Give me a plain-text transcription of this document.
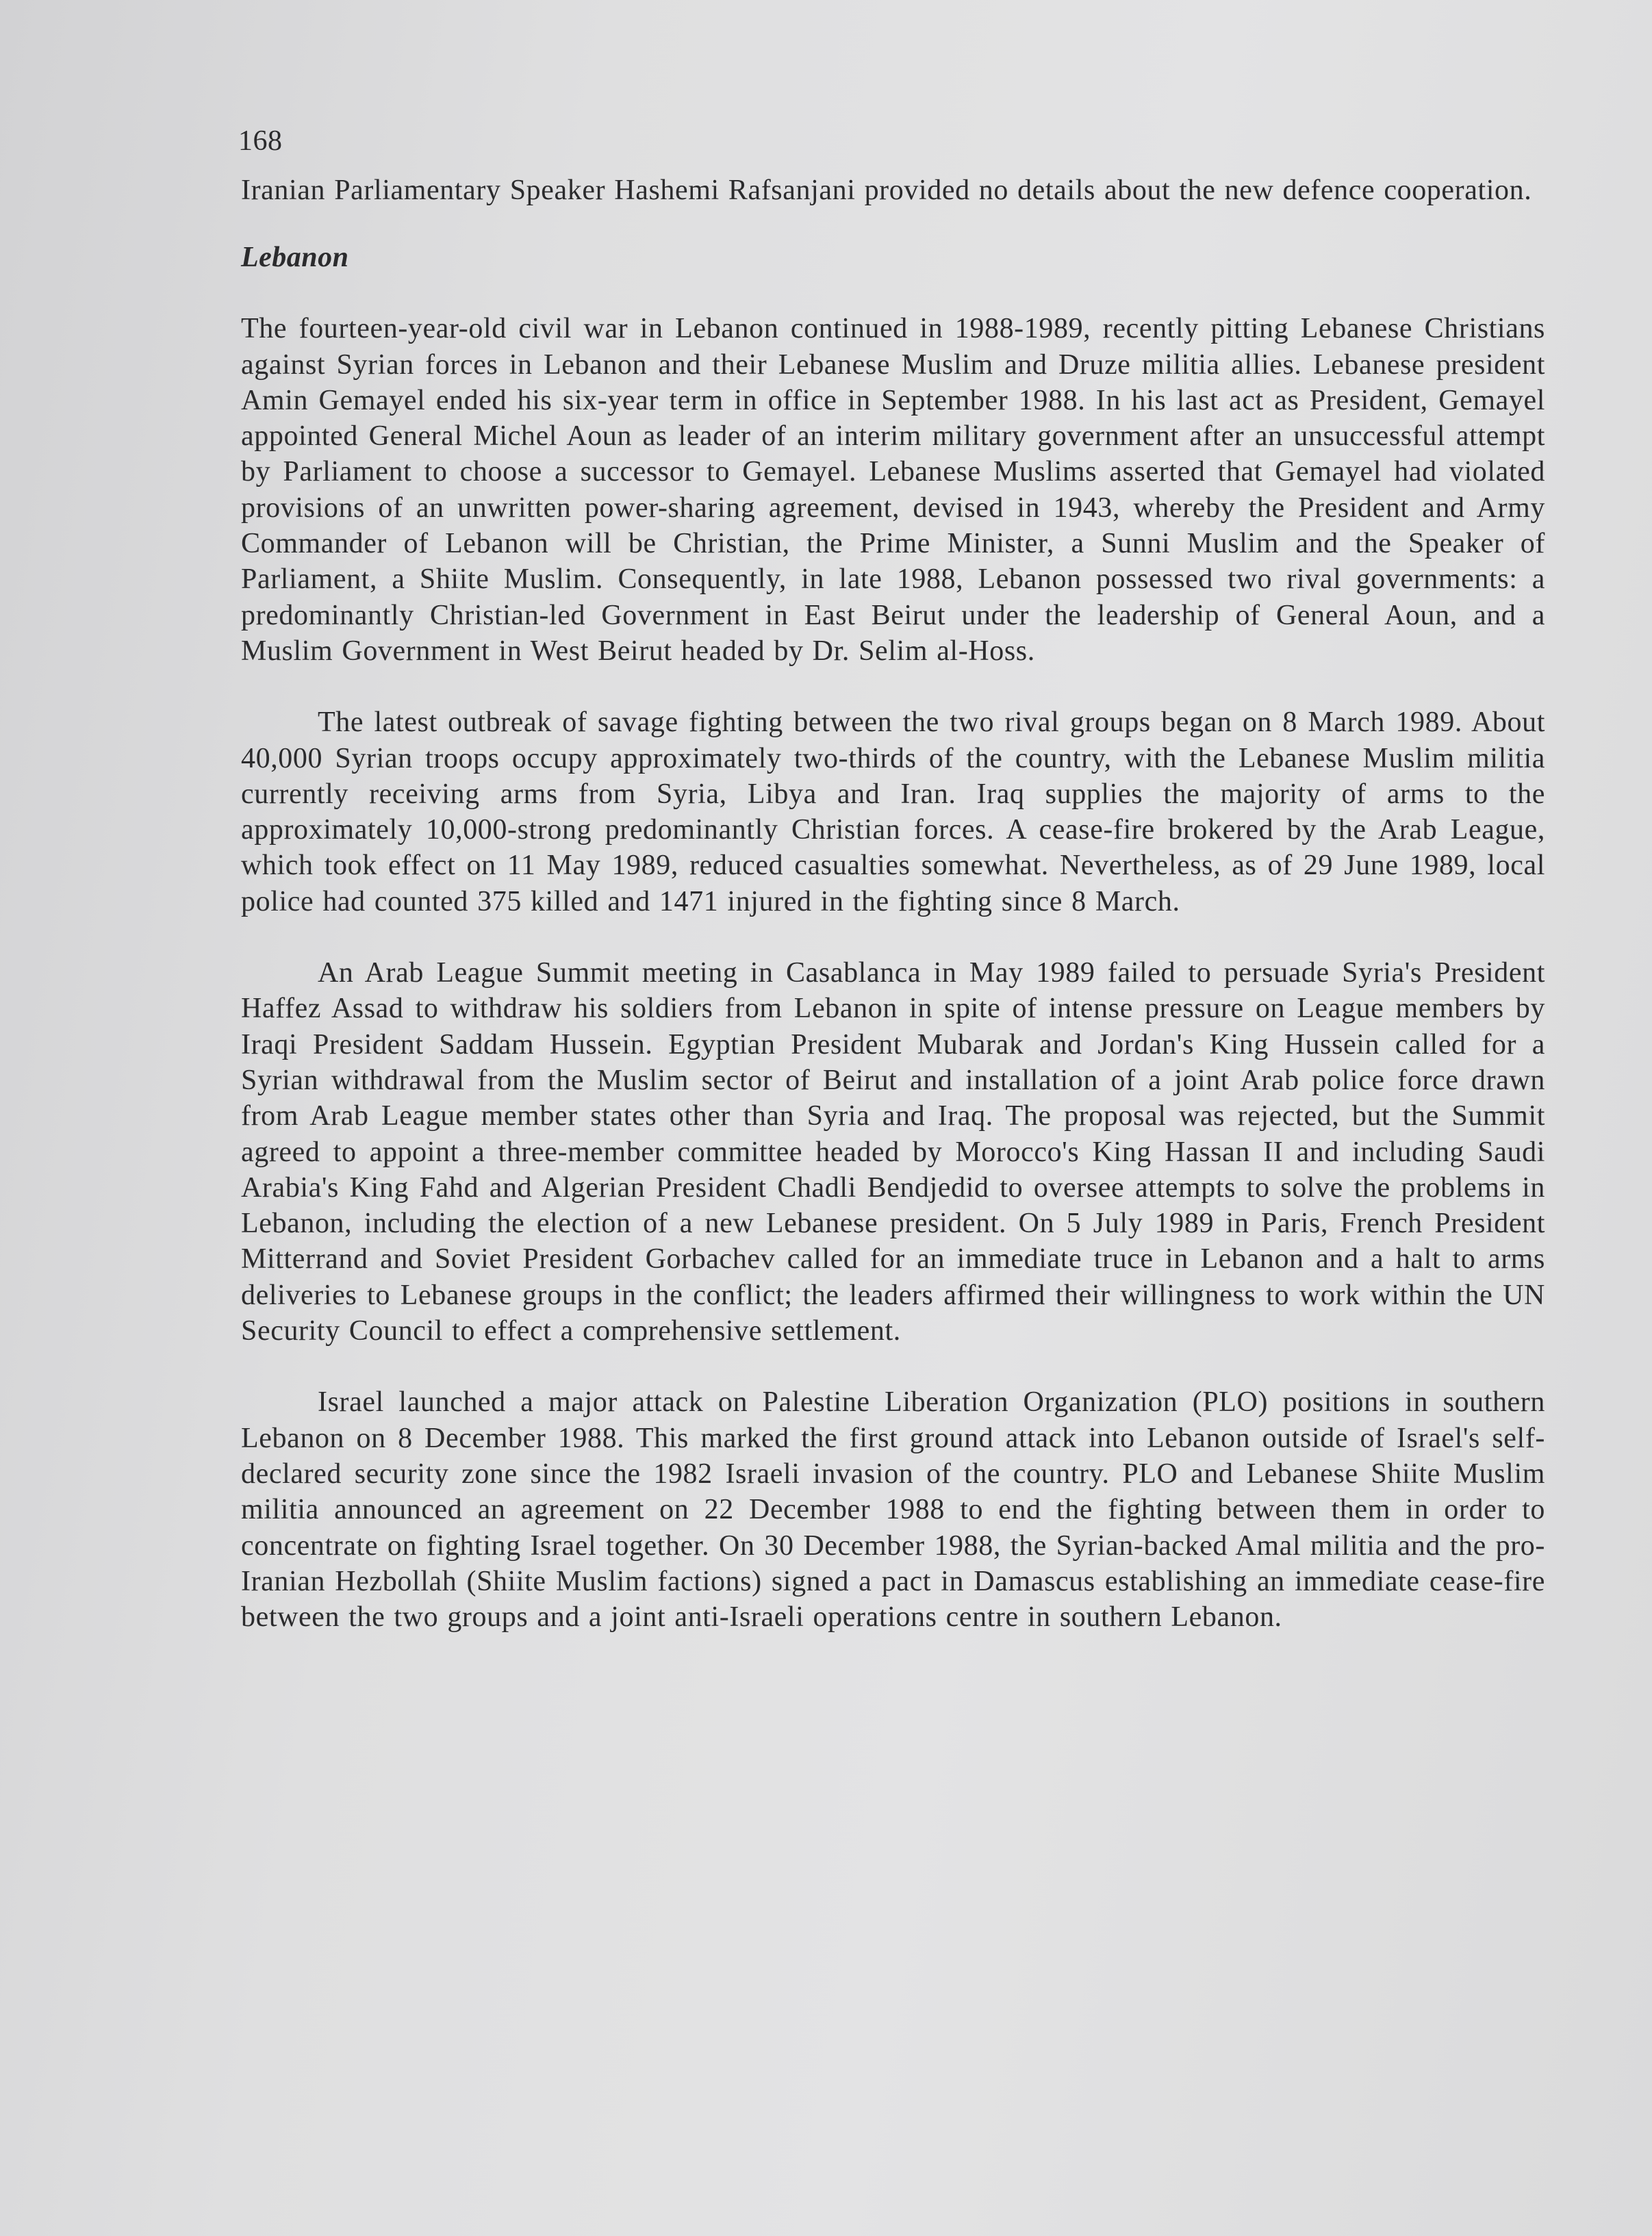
168

Iranian Parliamentary Speaker Hashemi Rafsanjani provided no details about the new defence cooperation.

Lebanon

The fourteen-year-old civil war in Lebanon continued in 1988-1989, recently pitting Lebanese Christians against Syrian forces in Lebanon and their Lebanese Muslim and Druze militia allies. Lebanese president Amin Gemayel ended his six-year term in office in September 1988. In his last act as President, Gemayel appointed General Michel Aoun as leader of an interim military government after an unsuccessful attempt by Parliament to choose a successor to Gemayel. Lebanese Muslims asserted that Gemayel had violated provisions of an unwritten power-sharing agreement, devised in 1943, whereby the President and Army Commander of Lebanon will be Christian, the Prime Minister, a Sunni Muslim and the Speaker of Parliament, a Shiite Muslim. Consequently, in late 1988, Lebanon possessed two rival governments: a predominantly Christian-led Government in East Beirut under the leadership of General Aoun, and a Muslim Government in West Beirut headed by Dr. Selim al-Hoss.

The latest outbreak of savage fighting between the two rival groups began on 8 March 1989. About 40,000 Syrian troops occupy approximately two-thirds of the country, with the Lebanese Muslim militia currently receiving arms from Syria, Libya and Iran. Iraq supplies the majority of arms to the approximately 10,000-strong predominantly Christian forces. A cease-fire brokered by the Arab League, which took effect on 11 May 1989, reduced casualties somewhat. Nevertheless, as of 29 June 1989, local police had counted 375 killed and 1471 injured in the fighting since 8 March.

An Arab League Summit meeting in Casablanca in May 1989 failed to persuade Syria's President Haffez Assad to withdraw his soldiers from Lebanon in spite of intense pressure on League members by Iraqi President Saddam Hussein. Egyptian President Mubarak and Jordan's King Hussein called for a Syrian withdrawal from the Muslim sector of Beirut and installation of a joint Arab police force drawn from Arab League member states other than Syria and Iraq. The proposal was rejected, but the Summit agreed to appoint a three-member committee headed by Morocco's King Hassan II and including Saudi Arabia's King Fahd and Algerian President Chadli Bendjedid to oversee attempts to solve the problems in Lebanon, including the election of a new Lebanese president. On 5 July 1989 in Paris, French President Mitterrand and Soviet President Gorbachev called for an immediate truce in Lebanon and a halt to arms deliveries to Lebanese groups in the conflict; the leaders affirmed their willingness to work within the UN Security Council to effect a comprehensive settlement.

Israel launched a major attack on Palestine Liberation Organization (PLO) positions in southern Lebanon on 8 December 1988. This marked the first ground attack into Lebanon outside of Israel's self-declared security zone since the 1982 Israeli invasion of the country. PLO and Lebanese Shiite Muslim militia announced an agreement on 22 December 1988 to end the fighting between them in order to concentrate on fighting Israel together. On 30 December 1988, the Syrian-backed Amal militia and the pro-Iranian Hezbollah (Shiite Muslim factions) signed a pact in Damascus establishing an immediate cease-fire between the two groups and a joint anti-Israeli operations centre in southern Lebanon.
